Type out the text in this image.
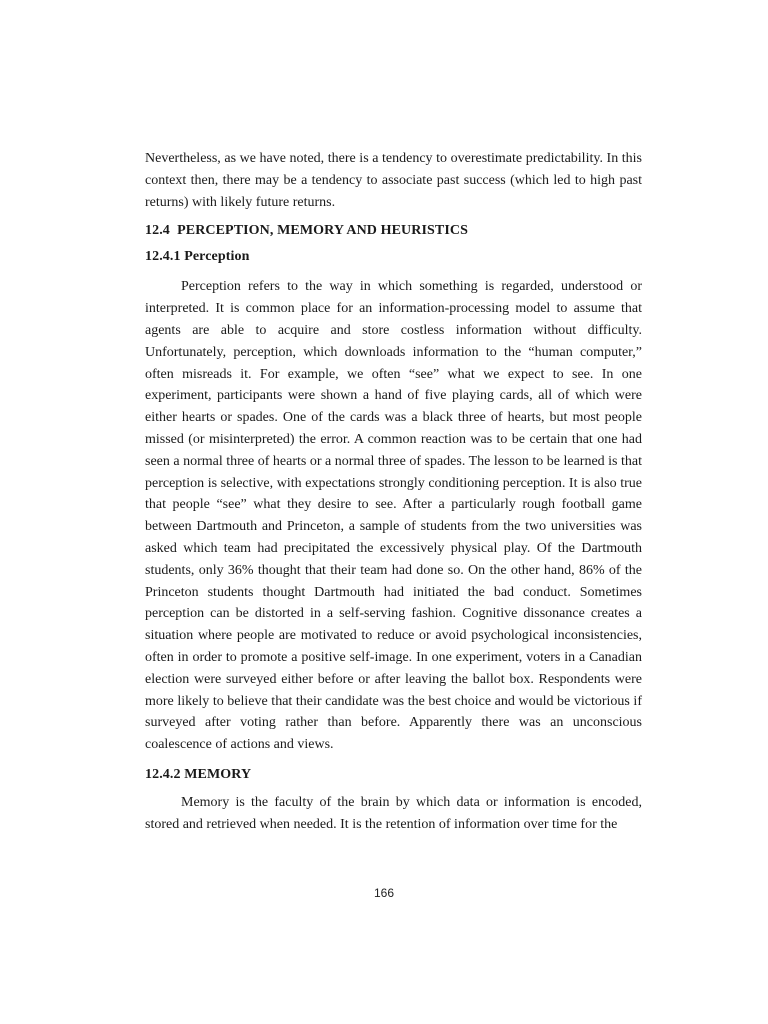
Nevertheless, as we have noted, there is a tendency to overestimate predictability. In this context then, there may be a tendency to associate past success (which led to high past returns) with likely future returns.

12.4  PERCEPTION, MEMORY AND HEURISTICS
12.4.1 Perception

Perception refers to the way in which something is regarded, understood or interpreted. It is common place for an information-processing model to assume that agents are able to acquire and store costless information without difficulty. Unfortunately, perception, which downloads information to the “human computer,” often misreads it. For example, we often “see” what we expect to see. In one experiment, participants were shown a hand of five playing cards, all of which were either hearts or spades. One of the cards was a black three of hearts, but most people missed (or misinterpreted) the error. A common reaction was to be certain that one had seen a normal three of hearts or a normal three of spades. The lesson to be learned is that perception is selective, with expectations strongly conditioning perception. It is also true that people “see” what they desire to see. After a particularly rough football game between Dartmouth and Princeton, a sample of students from the two universities was asked which team had precipitated the excessively physical play. Of the Dartmouth students, only 36% thought that their team had done so. On the other hand, 86% of the Princeton students thought Dartmouth had initiated the bad conduct. Sometimes perception can be distorted in a self-serving fashion. Cognitive dissonance creates a situation where people are motivated to reduce or avoid psychological inconsistencies, often in order to promote a positive self-image. In one experiment, voters in a Canadian election were surveyed either before or after leaving the ballot box. Respondents were more likely to believe that their candidate was the best choice and would be victorious if surveyed after voting rather than before. Apparently there was an unconscious coalescence of actions and views.

12.4.2 MEMORY

Memory is the faculty of the brain by which data or information is encoded, stored and retrieved when needed. It is the retention of information over time for the

166
